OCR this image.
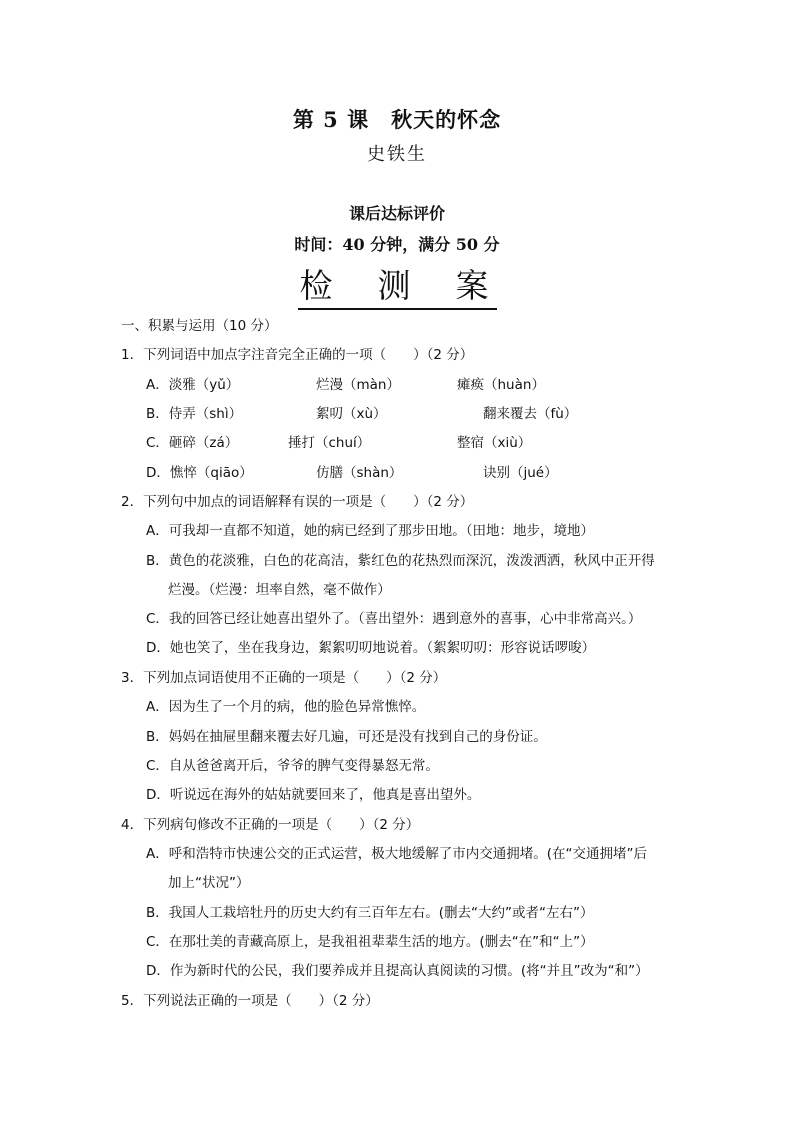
第 5 课　秋天的怀念
史铁生
课后达标评价
时间：40 分钟，满分 50 分
检　测　案
一、积累与运用（10 分）
1．下列词语中加点字注音完全正确的一项（　　）（2 分）
A．淡雅（yǔ）	烂漫（màn）	瘫痪（huàn）
B．侍弄（shì）	絮叨（xù）	翻来覆去（fù）
C．砸碎（zá）	捶打（chuí）	整宿（xiù）
D．憔悴（qiāo）	仿膳（shàn）	诀别（jué）
2．下列句中加点的词语解释有误的一项是（　　）（2 分）
A．可我却一直都不知道，她的病已经到了那步田地。（田地：地步，境地）
B．黄色的花淡雅，白色的花高洁，紫红色的花热烈而深沉，泼泼洒洒，秋风中正开得
烂漫。（烂漫：坦率自然，毫不做作）
C．我的回答已经让她喜出望外了。（喜出望外：遇到意外的喜事，心中非常高兴。）
D．她也笑了，坐在我身边，絮絮叨叨地说着。（絮絮叨叨：形容说话啰唆）
3．下列加点词语使用不正确的一项是（　　）（2 分）
A．因为生了一个月的病，他的脸色异常憔悴。
B．妈妈在抽屉里翻来覆去好几遍，可还是没有找到自己的身份证。
C．自从爸爸离开后，爷爷的脾气变得暴怒无常。
D．听说远在海外的姑姑就要回来了，他真是喜出望外。
4．下列病句修改不正确的一项是（　　）（2 分）
A．呼和浩特市快速公交的正式运营，极大地缓解了市内交通拥堵。(在“交通拥堵”后
加上“状况”）
B．我国人工栽培牡丹的历史大约有三百年左右。(删去“大约”或者“左右”）
C．在那壮美的青藏高原上，是我祖祖辈辈生活的地方。(删去“在”和“上”）
D．作为新时代的公民，我们要养成并且提高认真阅读的习惯。(将“并且”改为“和”）
5．下列说法正确的一项是（　　）（2 分）
